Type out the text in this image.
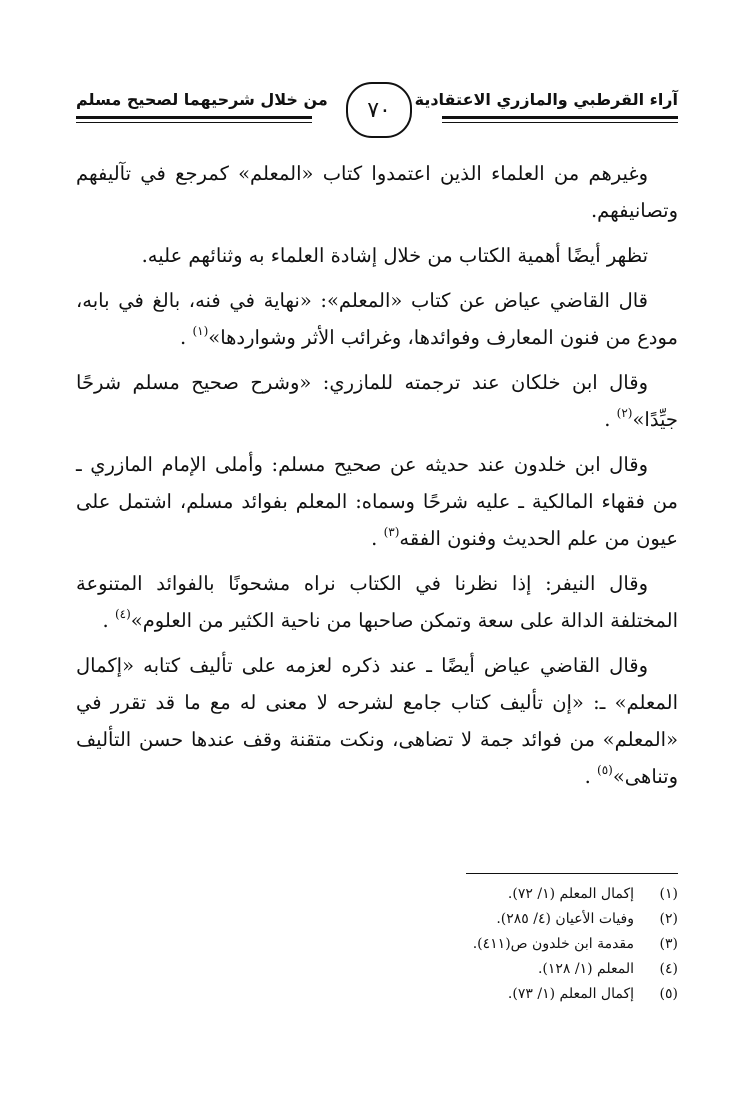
آراء القرطبي والمازري الاعتقادية
من خلال شرحيهما لصحيح مسلم ٧٠

وغيرهم من العلماء الذين اعتمدوا كتاب «المعلم» كمرجع في تآليفهم وتصانيفهم.

تظهر أيضًا أهمية الكتاب من خلال إشادة العلماء به وثنائهم عليه.

قال القاضي عياض عن كتاب «المعلم»: «نهاية في فنه، بالغ في بابه، مودع من فنون المعارف وفوائدها، وغرائب الأثر وشواردها»$^{(١)}$ .

وقال ابن خلكان عند ترجمته للمازري: «وشرح صحيح مسلم شرحًا جيِّدًا»$^{(٢)}$ .

وقال ابن خلدون عند حديثه عن صحيح مسلم: وأملى الإمام المازري ـ من فقهاء المالكية ـ عليه شرحًا وسماه: المعلم بفوائد مسلم، اشتمل على عيون من علم الحديث وفنون الفقه$^{(٣)}$ .

وقال النيفر: إذا نظرنا في الكتاب نراه مشحونًا بالفوائد المتنوعة المختلفة الدالة على سعة وتمكن صاحبها من ناحية الكثير من العلوم»$^{(٤)}$ .

وقال القاضي عياض أيضًا ـ عند ذكره لعزمه على تأليف كتابه «إكمال المعلم» ـ: «إن تأليف كتاب جامع لشرحه لا معنى له مع ما قد تقرر في «المعلم» من فوائد جمة لا تضاهى، ونكت متقنة وقف عندها حسن التأليف وتناهى»$^{(٥)}$ .

(١)
إكمال المعلم (١/ ٧٢).
(٢)
وفيات الأعيان (٤/ ٢٨٥).
(٣)
مقدمة ابن خلدون ص(٤١١).
(٤)
المعلم (١/ ١٢٨).
(٥)
إكمال المعلم (١/ ٧٣).
